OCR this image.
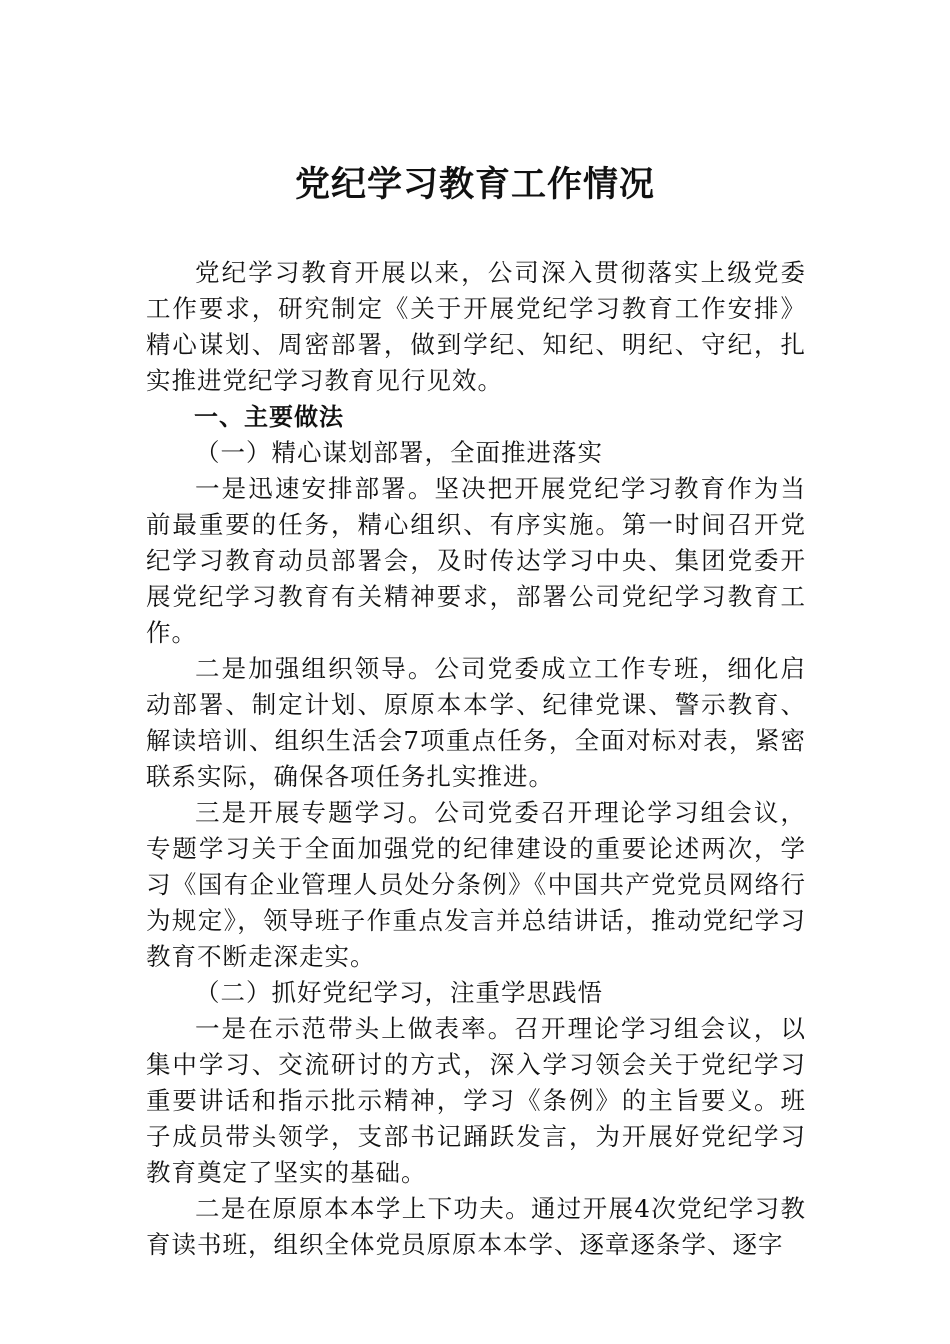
党纪学习教育工作情况

党纪学习教育开展以来，公司深入贯彻落实上级党委工作要求，研究制定《关于开展党纪学习教育工作安排》精心谋划、周密部署，做到学纪、知纪、明纪、守纪，扎实推进党纪学习教育见行见效。

一、主要做法

（一）精心谋划部署，全面推进落实

一是迅速安排部署。坚决把开展党纪学习教育作为当前最重要的任务，精心组织、有序实施。第一时间召开党纪学习教育动员部署会，及时传达学习中央、集团党委开展党纪学习教育有关精神要求，部署公司党纪学习教育工作。

二是加强组织领导。公司党委成立工作专班，细化启动部署、制定计划、原原本本学、纪律党课、警示教育、解读培训、组织生活会7项重点任务，全面对标对表，紧密联系实际，确保各项任务扎实推进。

三是开展专题学习。公司党委召开理论学习组会议，专题学习关于全面加强党的纪律建设的重要论述两次，学习《国有企业管理人员处分条例》《中国共产党党员网络行为规定》，领导班子作重点发言并总结讲话，推动党纪学习教育不断走深走实。

（二）抓好党纪学习，注重学思践悟

一是在示范带头上做表率。召开理论学习组会议，以集中学习、交流研讨的方式，深入学习领会关于党纪学习重要讲话和指示批示精神，学习《条例》的主旨要义。班子成员带头领学，支部书记踊跃发言，为开展好党纪学习教育奠定了坚实的基础。

二是在原原本本学上下功夫。通过开展4次党纪学习教育读书班，组织全体党员原原本本学、逐章逐条学、逐字
